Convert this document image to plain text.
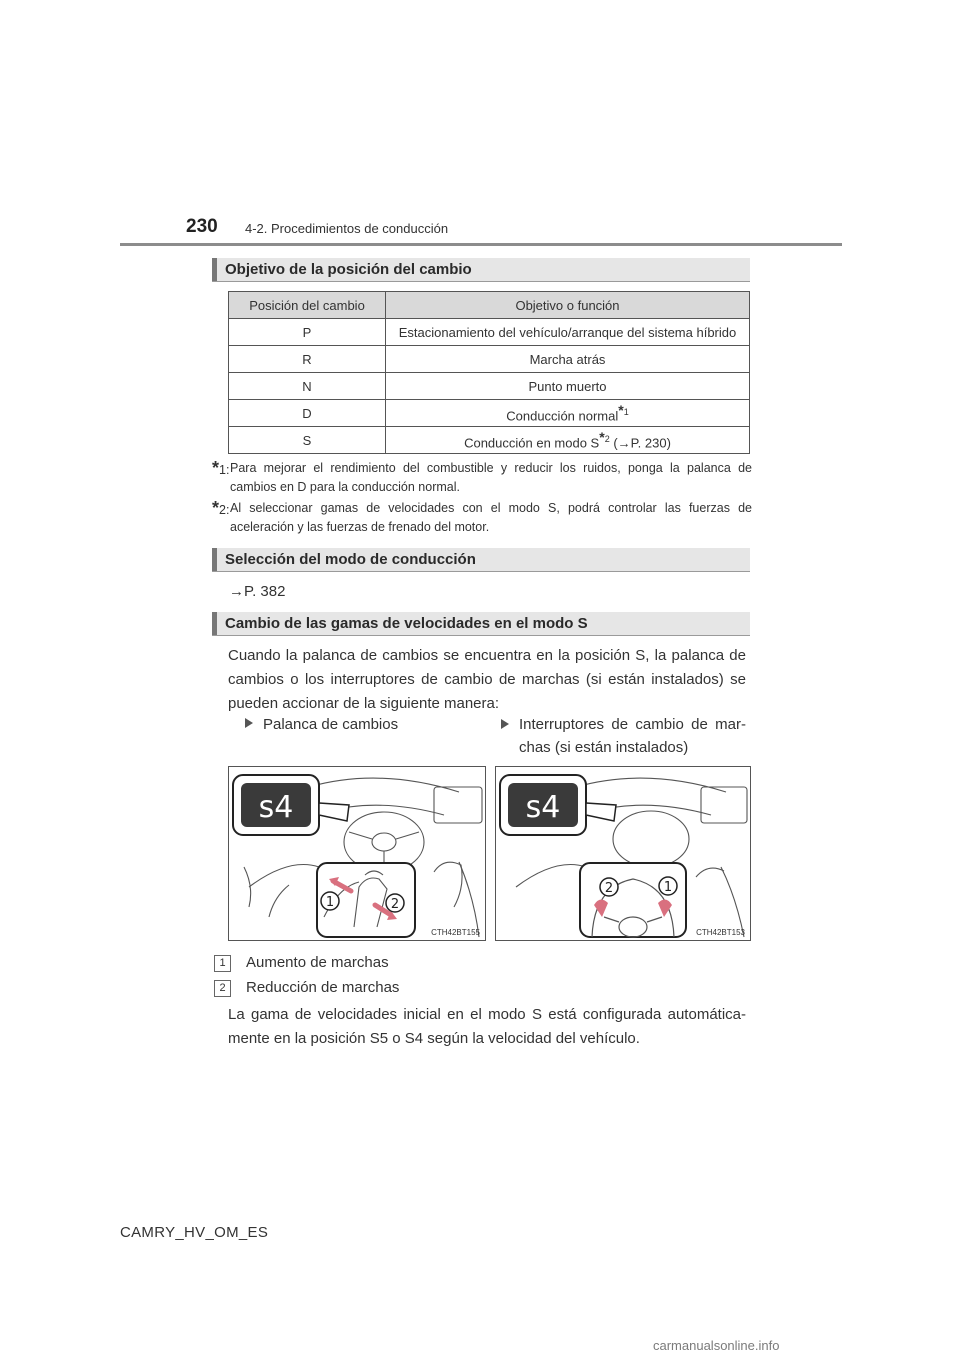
230 4-2. Procedimientos de conducción
Objetivo de la posición del cambio
Posición del cambio	Objetivo o función
P	Estacionamiento del vehículo/arranque del sistema híbrido
R	Marcha atrás
N	Punto muerto
D	Conducción normal$^{*1}$
S	Conducción en modo $S^{*2}$ (→P. 230)
*1: Para mejorar el rendimiento del combustible y reducir los ruidos, ponga la palanca de cambios en D para la conducción normal.
*2: Al seleccionar gamas de velocidades con el modo S, podrá controlar las fuerzas de aceleración y las fuerzas de frenado del motor.
Selección del modo de conducción
→P. 382
Cambio de las gamas de velocidades en el modo S
Cuando la palanca de cambios se encuentra en la posición S, la palanca de cambios o los interruptores de cambio de marchas (si están instalados) se pueden accionar de la siguiente manera:
Palanca de cambios	Interruptores de cambio de mar-chas (si están instalados)
s4
1	2
CTH42BT155
s4
2	1
CTH42BT153
1 Aumento de marchas
2 Reducción de marchas
La gama de velocidades inicial en el modo S está configurada automática-mente en la posición S5 o S4 según la velocidad del vehículo.
CAMRY_HV_OM_ES
carmanualsonline.info
